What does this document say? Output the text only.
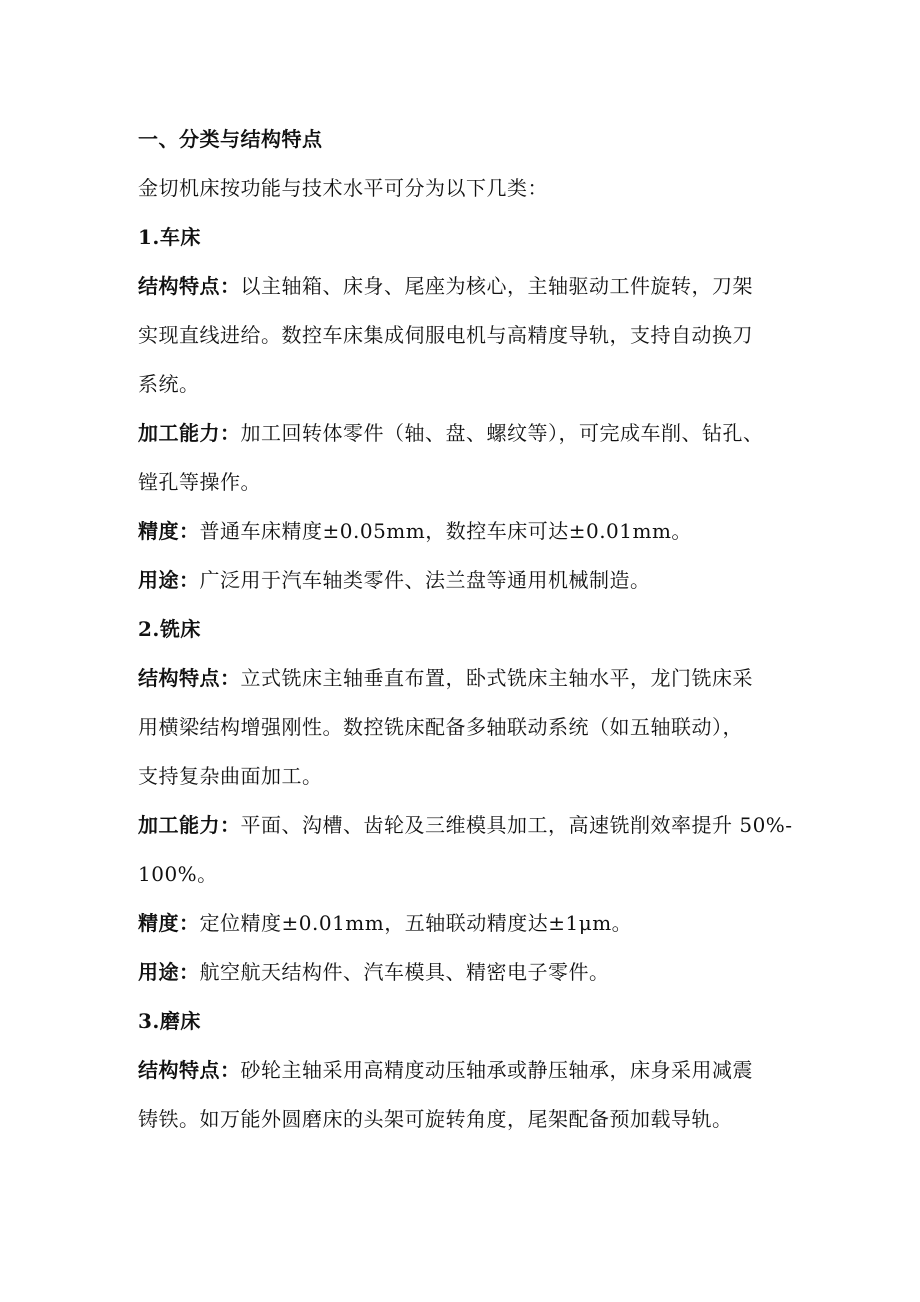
一、分类与结构特点
金切机床按功能与技术水平可分为以下几类：
1.车床
结构特点：以主轴箱、床身、尾座为核心，主轴驱动工件旋转，刀架
实现直线进给。数控车床集成伺服电机与高精度导轨，支持自动换刀
系统。
加工能力：加工回转体零件（轴、盘、螺纹等），可完成车削、钻孔、
镗孔等操作。
精度：普通车床精度±0.05mm，数控车床可达±0.01mm。
用途：广泛用于汽车轴类零件、法兰盘等通用机械制造。
2.铣床
结构特点：立式铣床主轴垂直布置，卧式铣床主轴水平，龙门铣床采
用横梁结构增强刚性。数控铣床配备多轴联动系统（如五轴联动），
支持复杂曲面加工。
加工能力：平面、沟槽、齿轮及三维模具加工，高速铣削效率提升 50%-
100%。
精度：定位精度±0.01mm，五轴联动精度达±1μm。
用途：航空航天结构件、汽车模具、精密电子零件。
3.磨床
结构特点：砂轮主轴采用高精度动压轴承或静压轴承，床身采用减震
铸铁。如万能外圆磨床的头架可旋转角度，尾架配备预加载导轨。
